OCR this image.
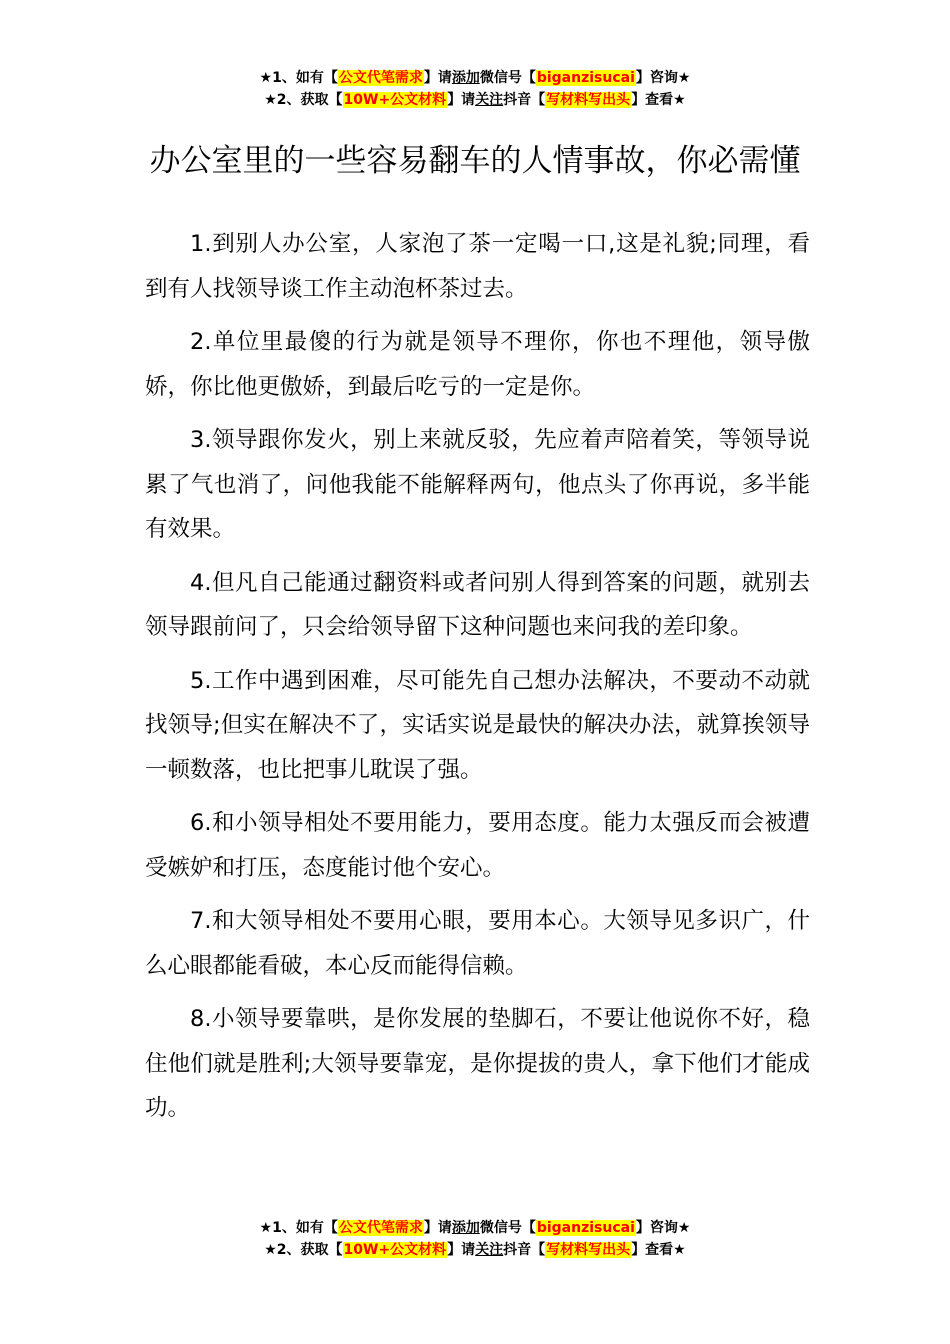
★1、如有【公文代笔需求】请添加微信号【biganzisucai】咨询★
★2、获取【10W+公文材料】请关注抖音【写材料写出头】查看★
办公室里的一些容易翻车的人情事故，你必需懂

1.到别人办公室，人家泡了茶一定喝一口,这是礼貌;同理，看到有人找领导谈工作主动泡杯茶过去。

2.单位里最傻的行为就是领导不理你，你也不理他，领导傲娇，你比他更傲娇，到最后吃亏的一定是你。

3.领导跟你发火，别上来就反驳，先应着声陪着笑，等领导说累了气也消了，问他我能不能解释两句，他点头了你再说，多半能有效果。

4.但凡自己能通过翻资料或者问别人得到答案的问题，就别去领导跟前问了，只会给领导留下这种问题也来问我的差印象。

5.工作中遇到困难，尽可能先自己想办法解决，不要动不动就找领导;但实在解决不了，实话实说是最快的解决办法，就算挨领导一顿数落，也比把事儿耽误了强。

6.和小领导相处不要用能力，要用态度。能力太强反而会被遭受嫉妒和打压，态度能讨他个安心。

7.和大领导相处不要用心眼，要用本心。大领导见多识广，什么心眼都能看破，本心反而能得信赖。

8.小领导要靠哄，是你发展的垫脚石，不要让他说你不好，稳住他们就是胜利;大领导要靠宠，是你提拔的贵人，拿下他们才能成功。

★1、如有【公文代笔需求】请添加微信号【biganzisucai】咨询★
★2、获取【10W+公文材料】请关注抖音【写材料写出头】查看★
